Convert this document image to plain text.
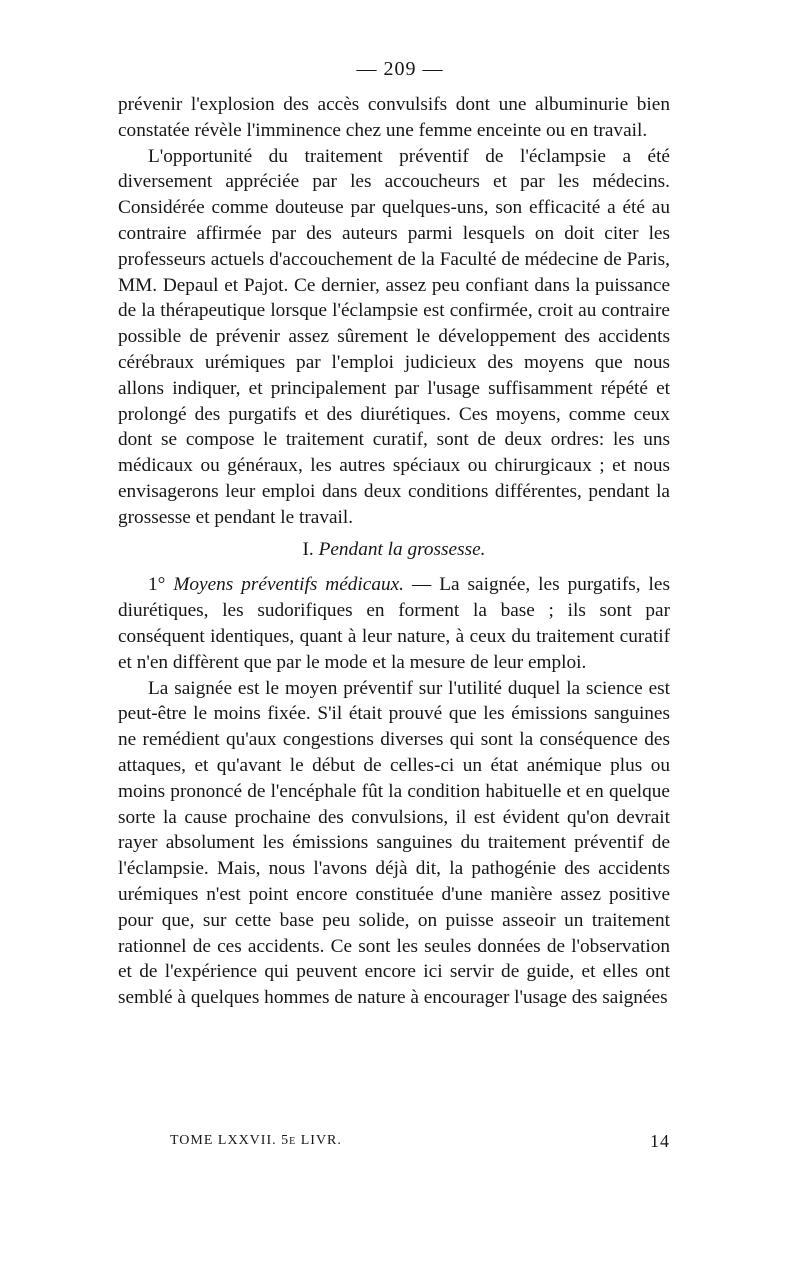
— 209 —

prévenir l'explosion des accès convulsifs dont une albuminurie bien constatée révèle l'imminence chez une femme enceinte ou en travail.

L'opportunité du traitement préventif de l'éclampsie a été diversement appréciée par les accoucheurs et par les médecins. Considérée comme douteuse par quelques-uns, son efficacité a été au contraire affirmée par des auteurs parmi lesquels on doit citer les professeurs actuels d'accouchement de la Faculté de médecine de Paris, MM. Depaul et Pajot. Ce dernier, assez peu confiant dans la puissance de la thérapeutique lorsque l'éclampsie est confirmée, croit au contraire possible de prévenir assez sûrement le développement des accidents cérébraux urémiques par l'emploi judicieux des moyens que nous allons indiquer, et principalement par l'usage suffisamment répété et prolongé des purgatifs et des diurétiques. Ces moyens, comme ceux dont se compose le traitement curatif, sont de deux ordres: les uns médicaux ou généraux, les autres spéciaux ou chirurgicaux ; et nous envisagerons leur emploi dans deux conditions différentes, pendant la grossesse et pendant le travail.

I. Pendant la grossesse.

1° Moyens préventifs médicaux. — La saignée, les purgatifs, les diurétiques, les sudorifiques en forment la base ; ils sont par conséquent identiques, quant à leur nature, à ceux du traitement curatif et n'en diffèrent que par le mode et la mesure de leur emploi.

La saignée est le moyen préventif sur l'utilité duquel la science est peut-être le moins fixée. S'il était prouvé que les émissions sanguines ne remédient qu'aux congestions diverses qui sont la conséquence des attaques, et qu'avant le début de celles-ci un état anémique plus ou moins prononcé de l'encéphale fût la condition habituelle et en quelque sorte la cause prochaine des convulsions, il est évident qu'on devrait rayer absolument les émissions sanguines du traitement préventif de l'éclampsie. Mais, nous l'avons déjà dit, la pathogénie des accidents urémiques n'est point encore constituée d'une manière assez positive pour que, sur cette base peu solide, on puisse asseoir un traitement rationnel de ces accidents. Ce sont les seules données de l'observation et de l'expérience qui peuvent encore ici servir de guide, et elles ont semblé à quelques hommes de nature à encourager l'usage des saignées

TOME LXXVII. 5e LIVR.	14
